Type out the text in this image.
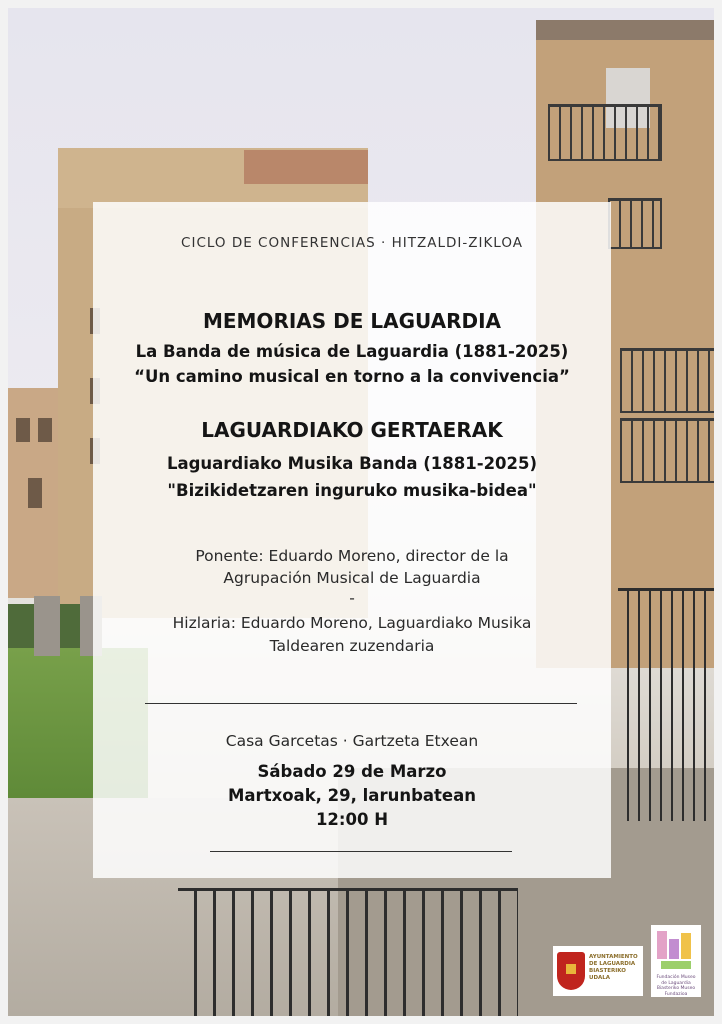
CICLO DE CONFERENCIAS · HITZALDI-ZIKLOA
MEMORIAS DE LAGUARDIA
La Banda de música de Laguardia (1881-2025)
“Un camino musical en torno a la convivencia”
LAGUARDIAKO GERTAERAK
Laguardiako Musika Banda (1881-2025)
"Bizikidetzaren inguruko musika-bidea"
Ponente: Eduardo Moreno, director de la
Agrupación Musical de Laguardia
-
Hizlaria: Eduardo Moreno, Laguardiako Musika
Taldearen zuzendaria
Casa Garcetas · Gartzeta Etxean
Sábado 29 de Marzo
Martxoak, 29, larunbatean
12:00 H
AYUNTAMIENTO DE LAGUARDIA BIASTERIKO UDALA	Fundación Museo de Laguardia Biasteriko Museo Fundazioa
